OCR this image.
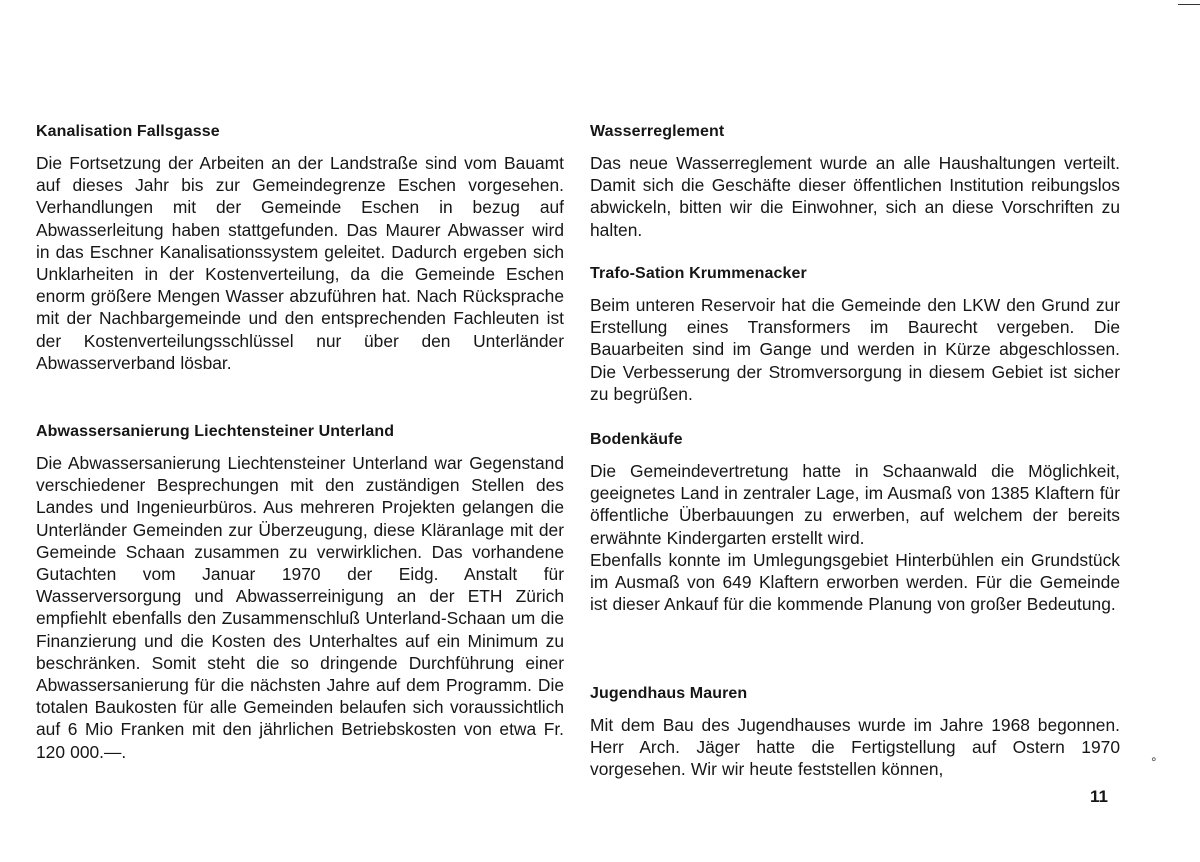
Kanalisation Fallsgasse

Die Fortsetzung der Arbeiten an der Landstraße sind vom Bauamt auf dieses Jahr bis zur Gemeindegrenze Eschen vorgesehen. Verhandlungen mit der Gemeinde Eschen in bezug auf Abwasserleitung haben stattgefunden. Das Maurer Abwasser wird in das Eschner Kanalisationssystem geleitet. Dadurch ergeben sich Unklarheiten in der Kostenverteilung, da die Gemeinde Eschen enorm größere Mengen Wasser abzuführen hat. Nach Rücksprache mit der Nachbargemeinde und den entsprechenden Fachleuten ist der Kostenverteilungsschlüssel nur über den Unterländer Abwasserverband lösbar.

Abwassersanierung Liechtensteiner Unterland

Die Abwassersanierung Liechtensteiner Unterland war Gegenstand verschiedener Besprechungen mit den zuständigen Stellen des Landes und Ingenieurbüros. Aus mehreren Projekten gelangen die Unterländer Gemeinden zur Überzeugung, diese Kläranlage mit der Gemeinde Schaan zusammen zu verwirklichen. Das vorhandene Gutachten vom Januar 1970 der Eidg. Anstalt für Wasserversorgung und Abwasserreinigung an der ETH Zürich empfiehlt ebenfalls den Zusammenschluß Unterland-Schaan um die Finanzierung und die Kosten des Unterhaltes auf ein Minimum zu beschränken. Somit steht die so dringende Durchführung einer Abwassersanierung für die nächsten Jahre auf dem Programm. Die totalen Baukosten für alle Gemeinden belaufen sich voraussichtlich auf 6 Mio Franken mit den jährlichen Betriebskosten von etwa Fr. 120 000.—.

Wasserreglement

Das neue Wasserreglement wurde an alle Haushaltungen verteilt. Damit sich die Geschäfte dieser öffentlichen Institution reibungslos abwickeln, bitten wir die Einwohner, sich an diese Vorschriften zu halten.

Trafo-Sation Krummenacker

Beim unteren Reservoir hat die Gemeinde den LKW den Grund zur Erstellung eines Transformers im Baurecht vergeben. Die Bauarbeiten sind im Gange und werden in Kürze abgeschlossen. Die Verbesserung der Stromversorgung in diesem Gebiet ist sicher zu begrüßen.

Bodenkäufe

Die Gemeindevertretung hatte in Schaanwald die Möglichkeit, geeignetes Land in zentraler Lage, im Ausmaß von 1385 Klaftern für öffentliche Überbauungen zu erwerben, auf welchem der bereits erwähnte Kindergarten erstellt wird.

Ebenfalls konnte im Umlegungsgebiet Hinterbühlen ein Grundstück im Ausmaß von 649 Klaftern erworben werden. Für die Gemeinde ist dieser Ankauf für die kommende Planung von großer Bedeutung.

Jugendhaus Mauren

Mit dem Bau des Jugendhauses wurde im Jahre 1968 begonnen. Herr Arch. Jäger hatte die Fertigstellung auf Ostern 1970 vorgesehen. Wir wir heute feststellen können,

∘
11
